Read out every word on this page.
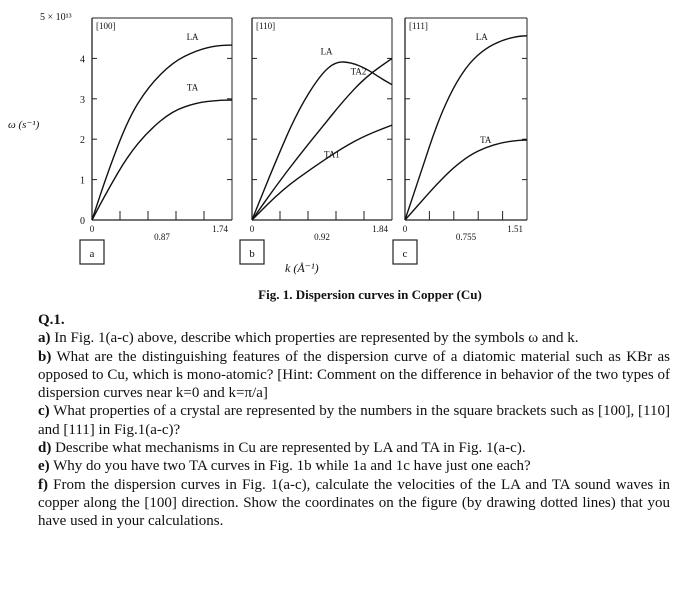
5 × 10¹³
ω (s⁻¹)
k (Å⁻¹)
0
1
2
3
4
0
0.87
1.74
[100]
LA
TA
a
0
0.92
1.84
[110]
LA
TA2
TA1
b
0
0.755
1.51
[111]
LA
TA
c
Fig. 1. Dispersion curves in Copper (Cu)

Q.1.

a) In Fig. 1(a-c) above, describe which properties are represented by the symbols ω and k.

b) What are the distinguishing features of the dispersion curve of a diatomic material such as KBr as opposed to Cu, which is mono-atomic? [Hint: Comment on the difference in behavior of the two types of dispersion curves near k=0 and k=π/a]

c) What properties of a crystal are represented by the numbers in the square brackets such as [100], [110] and [111] in Fig.1(a-c)?

d) Describe what mechanisms in Cu are represented by LA and TA in Fig. 1(a-c).

e) Why do you have two TA curves in Fig. 1b while 1a and 1c have just one each?

f) From the dispersion curves in Fig. 1(a-c), calculate the velocities of the LA and TA sound waves in copper along the [100] direction. Show the coordinates on the figure (by drawing dotted lines) that you have used in your calculations.
